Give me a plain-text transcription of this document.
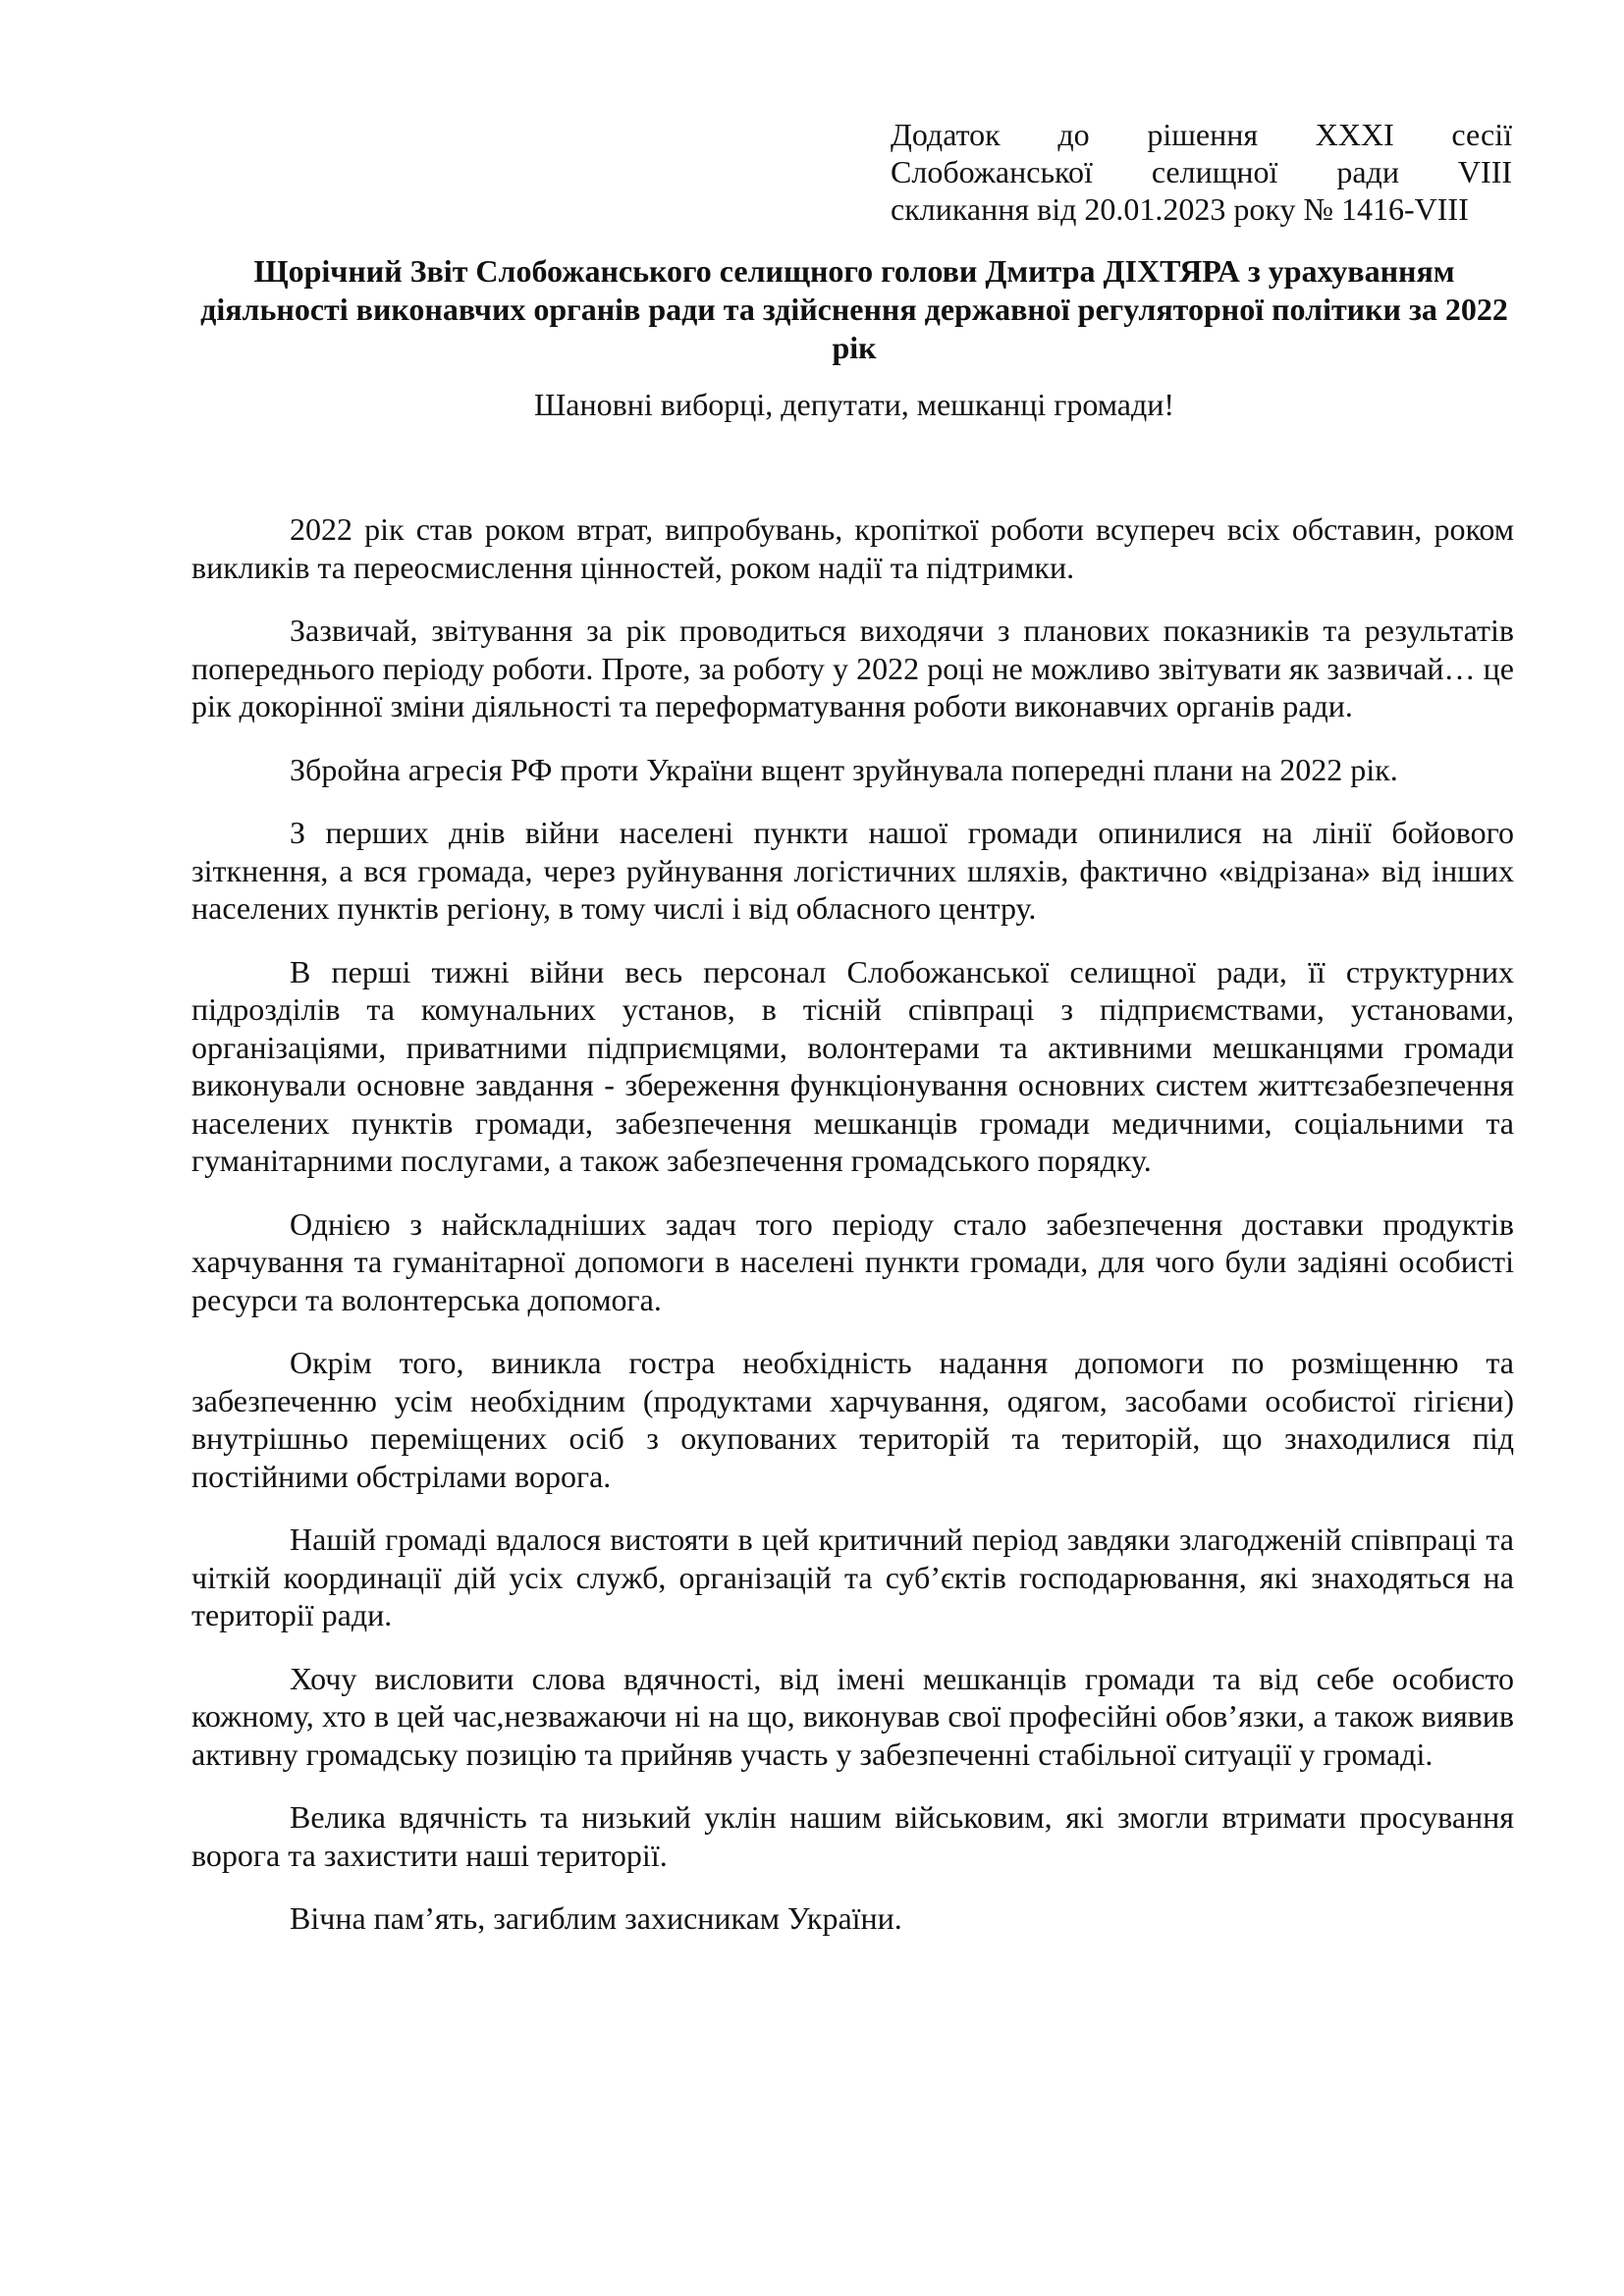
Додаток до рішення XXXI сесії
Слобожанської селищної ради VIII
скликання від 20.01.2023 року № 1416-VIII
Щорічний Звіт Слобожанського селищного голови Дмитра ДІХТЯРА з урахуванням діяльності виконавчих органів ради та здійснення державної регуляторної політики за 2022 рік

Шановні виборці, депутати, мешканці громади!

2022 рік став роком втрат, випробувань, кропіткої роботи всупереч всіх обставин, роком викликів та переосмислення цінностей, роком надії та підтримки.

Зазвичай, звітування за рік проводиться виходячи з планових показників та результатів попереднього періоду роботи. Проте, за роботу у 2022 році не можливо звітувати як зазвичай… це рік докорінної зміни діяльності та переформатування роботи виконавчих органів ради.

Збройна агресія РФ проти України вщент зруйнувала попередні плани на 2022 рік.

З перших днів війни населені пункти нашої громади опинилися на лінії бойового зіткнення, а вся громада, через руйнування логістичних шляхів, фактично «відрізана» від інших населених пунктів регіону, в тому числі і від обласного центру.

В перші тижні війни весь персонал Слобожанської селищної ради, її структурних підрозділів та комунальних установ, в тісній співпраці з підприємствами, установами, організаціями, приватними підприємцями, волонтерами та активними мешканцями громади виконували основне завдання - збереження функціонування основних систем життєзабезпечення населених пунктів громади, забезпечення мешканців громади медичними, соціальними та гуманітарними послугами, а також забезпечення громадського порядку.

Однією з найскладніших задач того періоду стало забезпечення доставки продуктів харчування та гуманітарної допомоги в населені пункти громади, для чого були задіяні особисті ресурси та волонтерська допомога.

Окрім того, виникла гостра необхідність надання допомоги по розміщенню та забезпеченню усім необхідним (продуктами харчування, одягом, засобами особистої гігієни) внутрішньо переміщених осіб з окупованих територій та територій, що знаходилися під постійними обстрілами ворога.

Нашій громаді вдалося вистояти в цей критичний період завдяки злагодженій співпраці та чіткій координації дій усіх служб, організацій та суб’єктів господарювання, які знаходяться на території ради.

Хочу висловити слова вдячності, від імені мешканців громади та від себе особисто кожному, хто в цей час,незважаючи ні на що, виконував свої професійні обов’язки, а також виявив активну громадську позицію та прийняв участь у забезпеченні стабільної ситуації у громаді.

Велика вдячність та низький уклін нашим військовим, які змогли втримати просування ворога та захистити наші території.

Вічна пам’ять, загиблим захисникам України.
